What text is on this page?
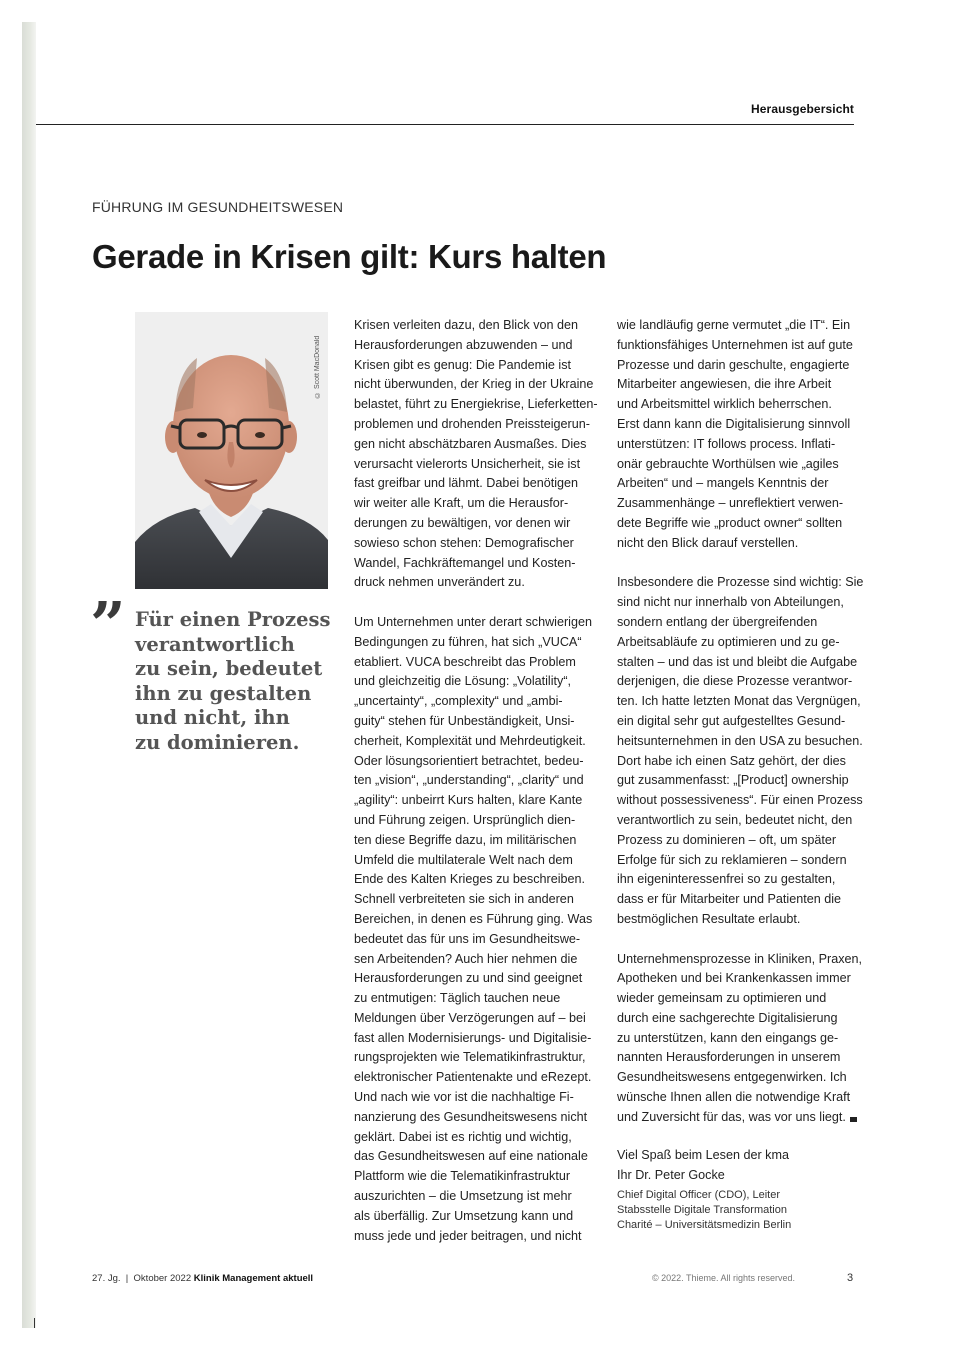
Herausgebersicht
FÜHRUNG IM GESUNDHEITSWESEN
Gerade in Krisen gilt: Kurs halten
© Scott MacDonald
” Für einen Prozess
verantwortlich
zu sein, bedeutet
ihn zu gestalten
und nicht, ihn
zu dominieren.
Krisen verleiten dazu, den Blick von den
Herausforderungen abzuwenden – und
Krisen gibt es genug: Die Pandemie ist
nicht überwunden, der Krieg in der Ukraine
belastet, führt zu Energiekrise, Lieferketten-
problemen und drohenden Preissteigerun-
gen nicht abschätzbaren Ausmaßes. Dies
verursacht vielerorts Unsicherheit, sie ist
fast greifbar und lähmt. Dabei benötigen
wir weiter alle Kraft, um die Herausfor-
derungen zu bewältigen, vor denen wir
sowieso schon stehen: Demografischer
Wandel, Fachkräftemangel und Kosten-
druck nehmen unverändert zu.
Um Unternehmen unter derart schwierigen
Bedingungen zu führen, hat sich „VUCA“
etabliert. VUCA beschreibt das Problem
und gleichzeitig die Lösung: „Volatility“,
„uncertainty“, „complexity“ und „ambi-
guity“ stehen für Unbeständigkeit, Unsi-
cherheit, Komplexität und Mehrdeutigkeit.
Oder lösungsorientiert betrachtet, bedeu-
ten „vision“, „understanding“, „clarity“ und
„agility“: unbeirrt Kurs halten, klare Kante
und Führung zeigen. Ursprünglich dien-
ten diese Begriffe dazu, im militärischen
Umfeld die multilaterale Welt nach dem
Ende des Kalten Krieges zu beschreiben.
Schnell verbreiteten sie sich in anderen
Bereichen, in denen es Führung ging. Was
bedeutet das für uns im Gesundheitswe-
sen Arbeitenden? Auch hier nehmen die
Herausforderungen zu und sind geeignet
zu entmutigen: Täglich tauchen neue
Meldungen über Verzögerungen auf – bei
fast allen Modernisierungs- und Digitalisie-
rungsprojekten wie Telematikinfrastruktur,
elektronischer Patientenakte und eRezept.
Und nach wie vor ist die nachhaltige Fi-
nanzierung des Gesundheitswesens nicht
geklärt. Dabei ist es richtig und wichtig,
das Gesundheitswesen auf eine nationale
Plattform wie die Telematikinfrastruktur
auszurichten – die Umsetzung ist mehr
als überfällig. Zur Umsetzung kann und
muss jede und jeder beitragen, und nicht
wie landläufig gerne vermutet „die IT“. Ein
funktionsfähiges Unternehmen ist auf gute
Prozesse und darin geschulte, engagierte
Mitarbeiter angewiesen, die ihre Arbeit
und Arbeitsmittel wirklich beherrschen.
Erst dann kann die Digitalisierung sinnvoll
unterstützen: IT follows process. Inflati-
onär gebrauchte Worthülsen wie „agiles
Arbeiten“ und – mangels Kenntnis der
Zusammenhänge – unreflektiert verwen-
dete Begriffe wie „product owner“ sollten
nicht den Blick darauf verstellen.
Insbesondere die Prozesse sind wichtig: Sie
sind nicht nur innerhalb von Abteilungen,
sondern entlang der übergreifenden
Arbeitsabläufe zu optimieren und zu ge-
stalten – und das ist und bleibt die Aufgabe
derjenigen, die diese Prozesse verantwor-
ten. Ich hatte letzten Monat das Vergnügen,
ein digital sehr gut aufgestelltes Gesund-
heitsunternehmen in den USA zu besuchen.
Dort habe ich einen Satz gehört, der dies
gut zusammenfasst: „[Product] ownership
without possessiveness“. Für einen Prozess
verantwortlich zu sein, bedeutet nicht, den
Prozess zu dominieren – oft, um später
Erfolge für sich zu reklamieren – sondern
ihn eigeninteressenfrei so zu gestalten,
dass er für Mitarbeiter und Patienten die
bestmöglichen Resultate erlaubt.
Unternehmensprozesse in Kliniken, Praxen,
Apotheken und bei Krankenkassen immer
wieder gemeinsam zu optimieren und
durch eine sachgerechte Digitalisierung
zu unterstützen, kann den eingangs ge-
nannten Herausforderungen in unserem
Gesundheitswesens entgegenwirken. Ich
wünsche Ihnen allen die notwendige Kraft
und Zuversicht für das, was vor uns liegt.
Viel Spaß beim Lesen der kma
Ihr Dr. Peter Gocke
Chief Digital Officer (CDO), Leiter
Stabsstelle Digitale Transformation
Charité – Universitätsmedizin Berlin
27. Jg.  |  Oktober 2022 Klinik Management aktuell	© 2022. Thieme. All rights reserved.	3
